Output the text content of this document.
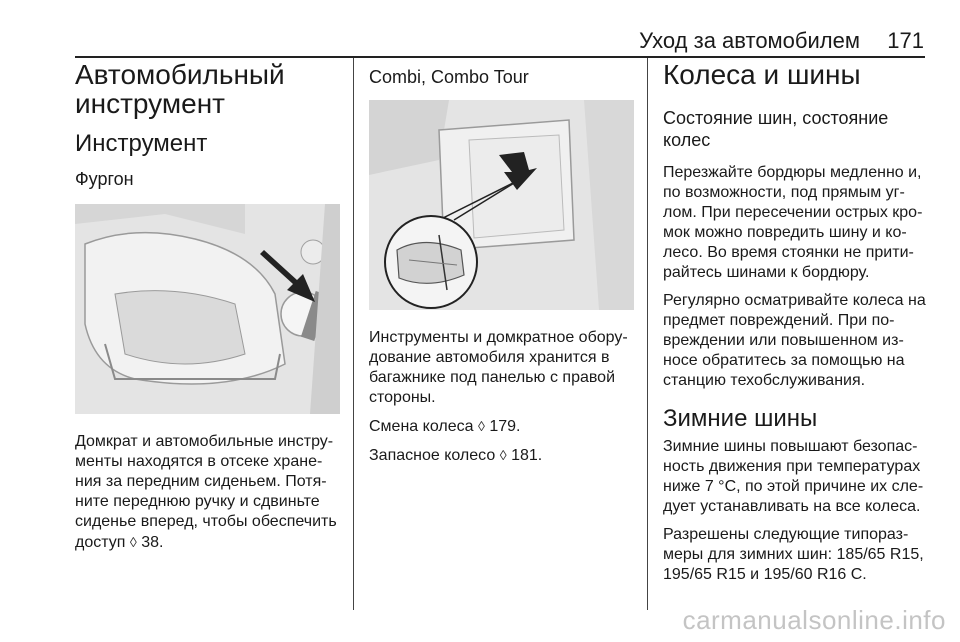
Уход за автомобилем	171
Автомобильный инструмент
Инструмент
Фургон

Домкрат и автомобильные инструменты находятся в отсеке хранения за передним сиденьем. Потяните переднюю ручку и сдвиньте сиденье вперед, чтобы обеспечить доступ ◊ 38.

Combi, Combo Tour

Инструменты и домкратное оборудование автомобиля хранится в багажнике под панелью с правой стороны.

Смена колеса ◊ 179.

Запасное колесо ◊ 181.

Колеса и шины
Состояние шин, состояние колес

Перезжайте бордюры медленно и, по возможности, под прямым углом. При пересечении острых кромок можно повредить шину и колесо. Во время стоянки не притирайтесь шинами к бордюру.

Регулярно осматривайте колеса на предмет повреждений. При повреждении или повышенном износе обратитесь за помощью на станцию техобслуживания.

Зимние шины

Зимние шины повышают безопасность движения при температурах ниже 7 °C, по этой причине их следует устанавливать на все колеса.

Разрешены следующие типоразмеры для зимних шин: 185/65 R15, 195/65 R15 и 195/60 R16 C.

carmanualsonline.info
